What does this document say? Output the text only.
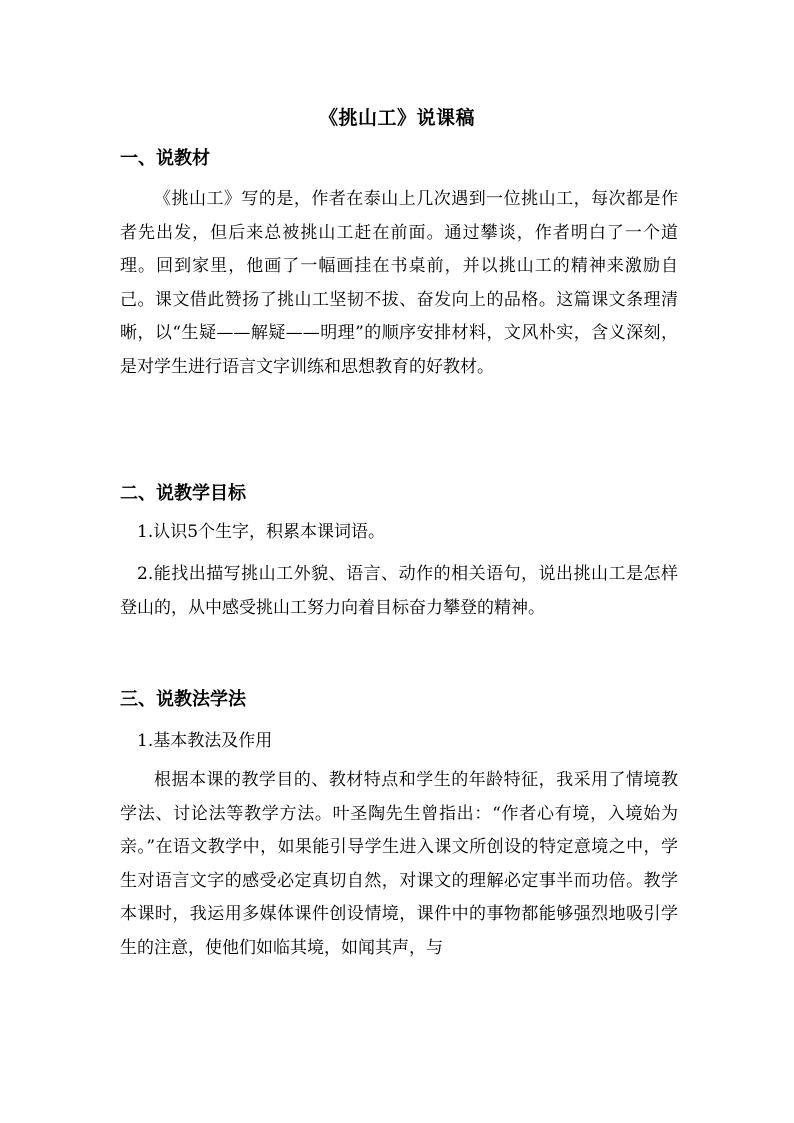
《挑山工》说课稿
一、说教材

《挑山工》写的是，作者在泰山上几次遇到一位挑山工，每次都是作者先出发，但后来总被挑山工赶在前面。通过攀谈，作者明白了一个道理。回到家里，他画了一幅画挂在书桌前，并以挑山工的精神来激励自己。课文借此赞扬了挑山工坚韧不拔、奋发向上的品格。这篇课文条理清晰，以“生疑——解疑——明理”的顺序安排材料，文风朴实，含义深刻，是对学生进行语言文字训练和思想教育的好教材。

二、说教学目标

1.认识5个生字，积累本课词语。

2.能找出描写挑山工外貌、语言、动作的相关语句，说出挑山工是怎样登山的，从中感受挑山工努力向着目标奋力攀登的精神。

三、说教法学法

1.基本教法及作用

根据本课的教学目的、教材特点和学生的年龄特征，我采用了情境教学法、讨论法等教学方法。叶圣陶先生曾指出：“作者心有境，入境始为亲。”在语文教学中，如果能引导学生进入课文所创设的特定意境之中，学生对语言文字的感受必定真切自然，对课文的理解必定事半而功倍。教学本课时，我运用多媒体课件创设情境，课件中的事物都能够强烈地吸引学生的注意，使他们如临其境，如闻其声，与
